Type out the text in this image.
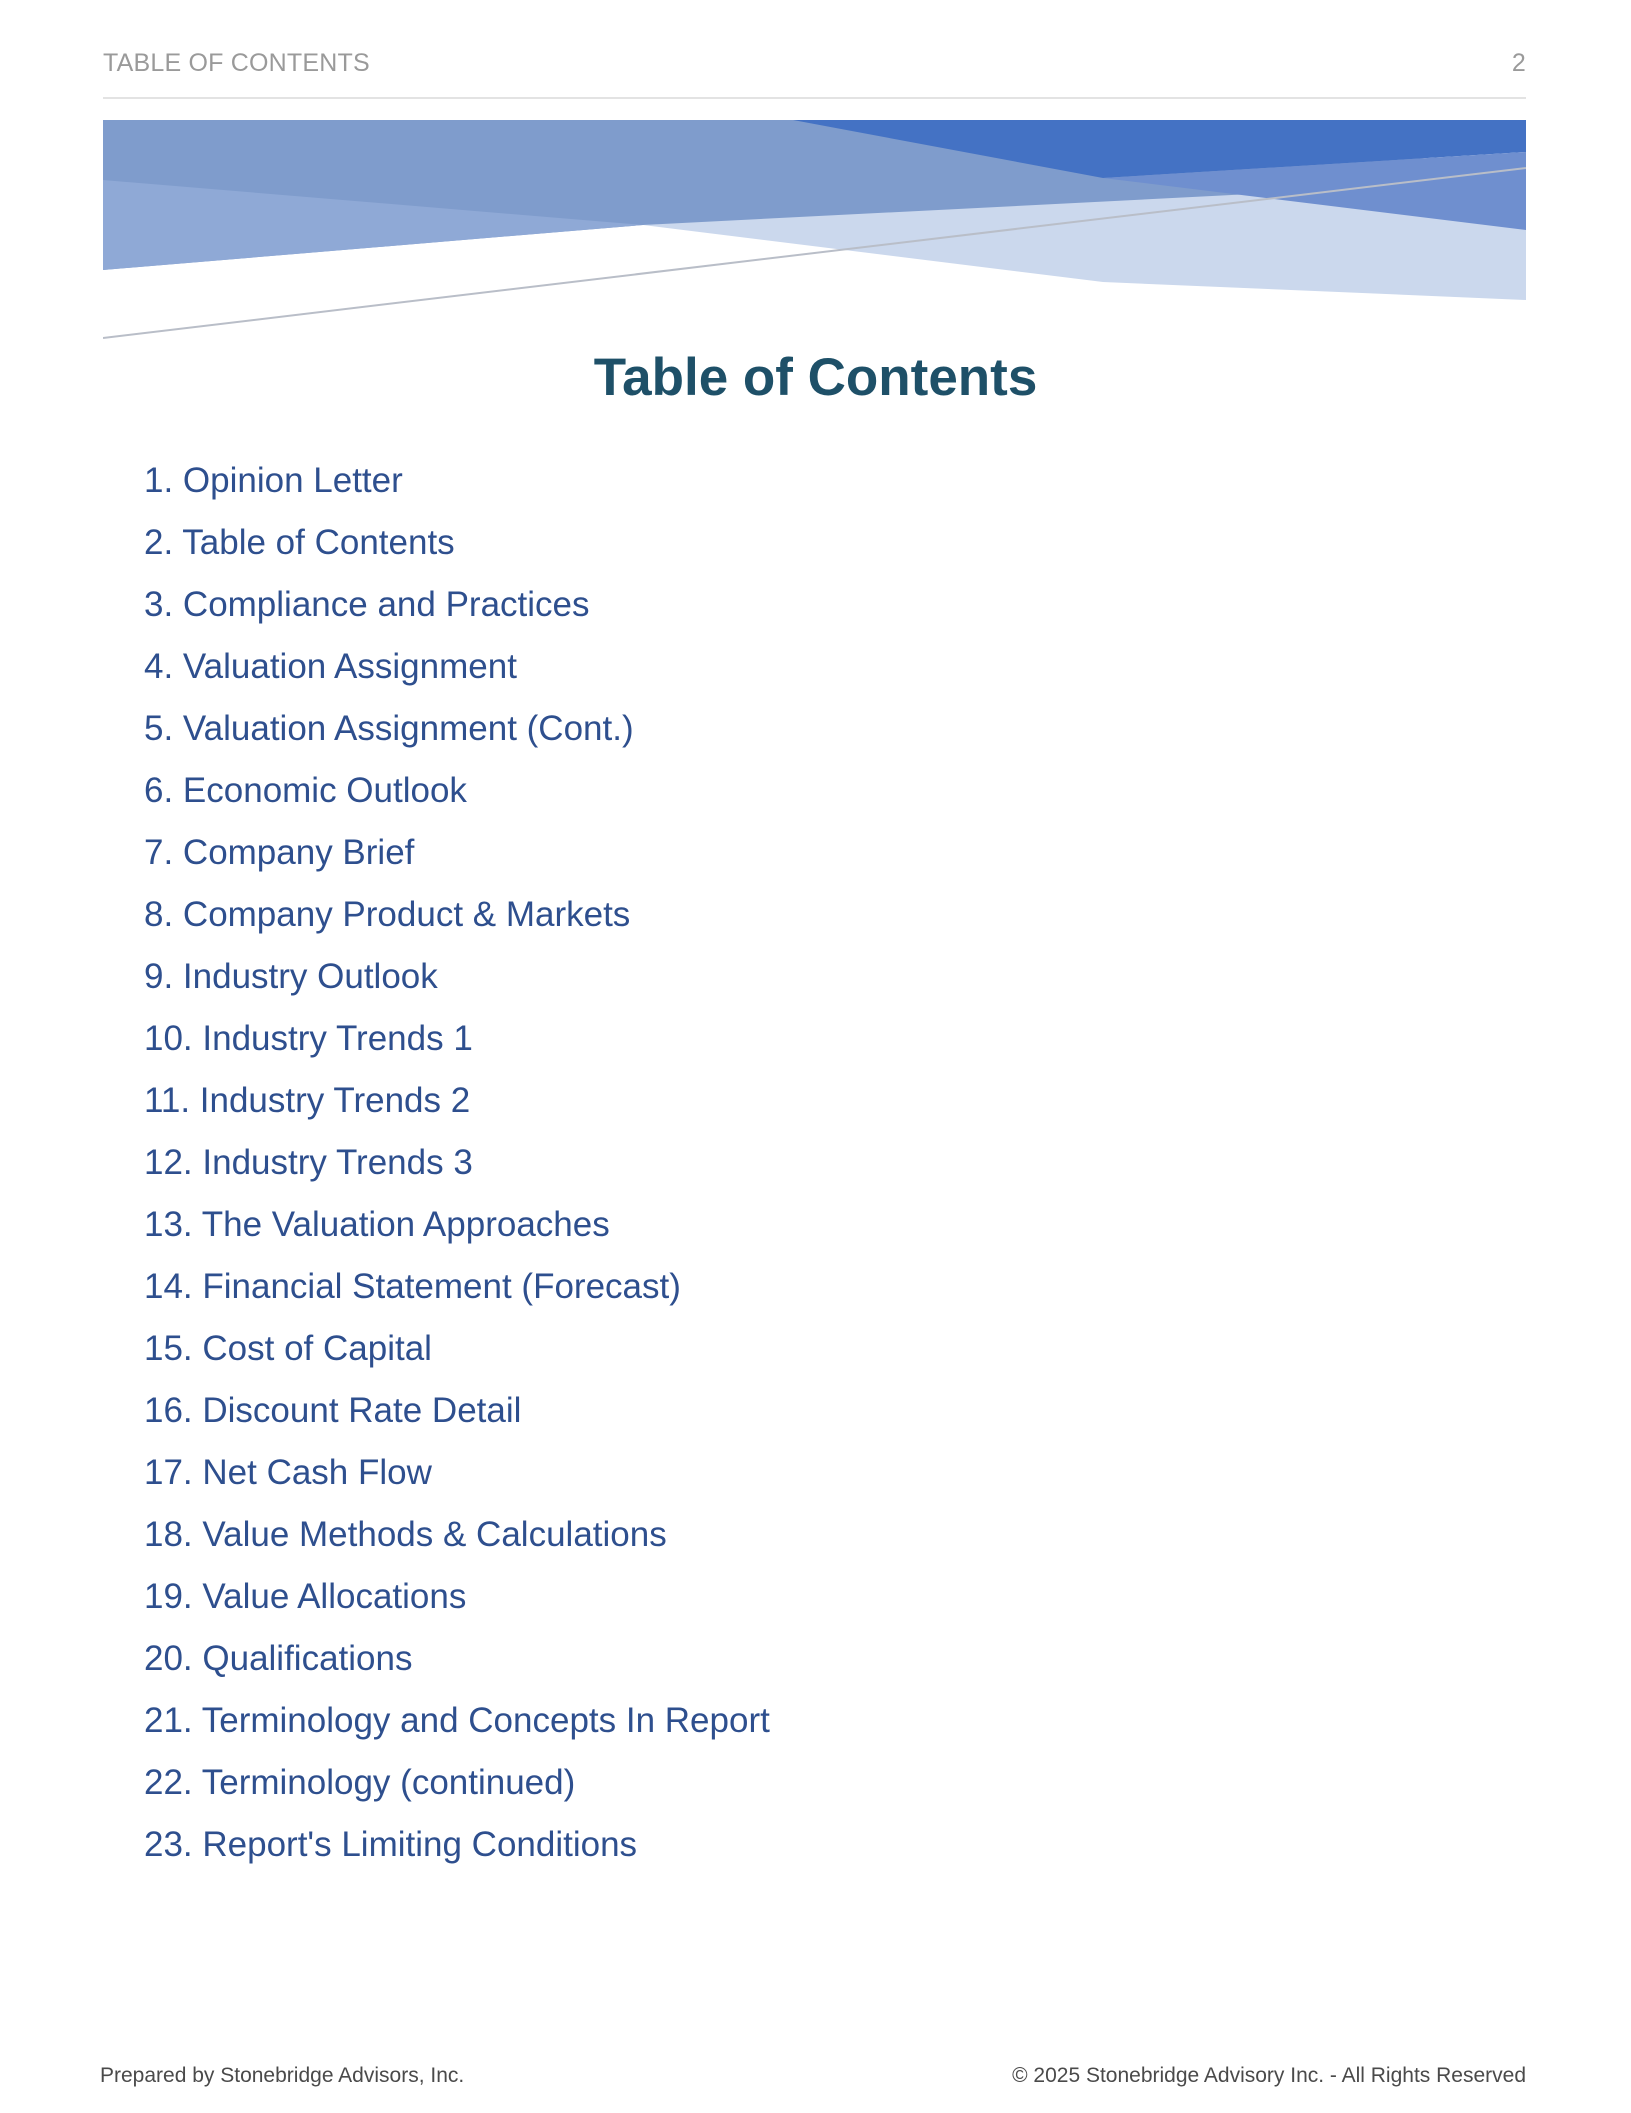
TABLE OF CONTENTS	2
Table of Contents
1. Opinion Letter
2. Table of Contents
3. Compliance and Practices
4. Valuation Assignment
5. Valuation Assignment (Cont.)
6. Economic Outlook
7. Company Brief
8. Company Product & Markets
9. Industry Outlook
10. Industry Trends 1
11. Industry Trends 2
12. Industry Trends 3
13. The Valuation Approaches
14. Financial Statement (Forecast)
15. Cost of Capital
16. Discount Rate Detail
17. Net Cash Flow
18. Value Methods & Calculations
19. Value Allocations
20. Qualifications
21. Terminology and Concepts In Report
22. Terminology (continued)
23. Report's Limiting Conditions
Prepared by Stonebridge Advisors, Inc.	© 2025 Stonebridge Advisory Inc. - All Rights Reserved
